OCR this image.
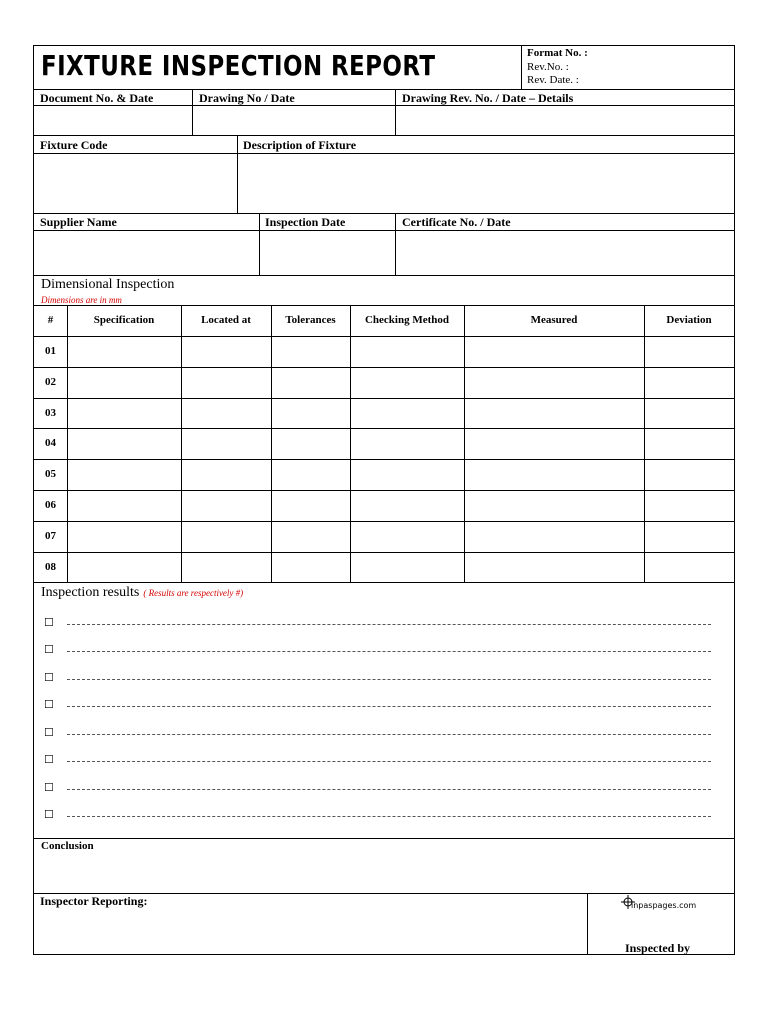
FIXTURE INSPECTION REPORT	Format No. :
Rev.No. :
Rev. Date. :
Document No. & Date	Drawing No / Date	Drawing Rev. No. / Date – Details
Fixture Code	Description of Fixture
Supplier Name	Inspection Date	Certificate No. / Date
Dimensional Inspection
Dimensions are in mm
#	Specification	Located at	Tolerances	Checking Method	Measured	Deviation
01
02
03
04
05
06
07
08
Inspection results ( Results are respectively #)
☐
☐
☐
☐
☐
☐
☐
☐
Conclusion
Inspector Reporting:	inpaspages.com
Inspected by
